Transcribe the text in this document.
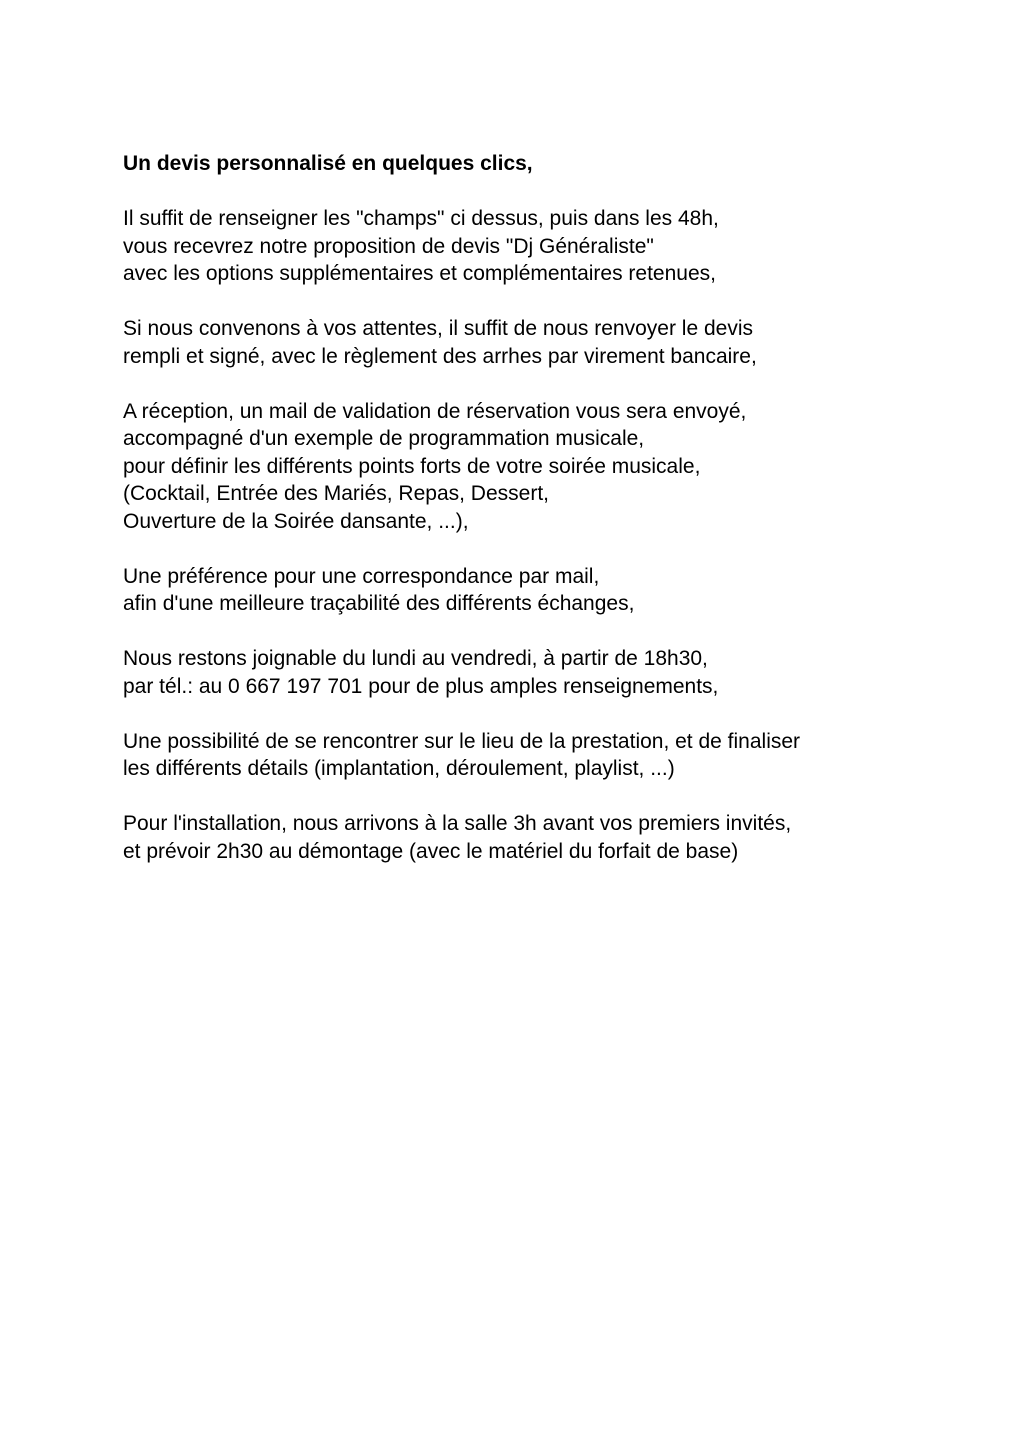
Un devis personnalisé en quelques clics,
Il suffit de renseigner les "champs" ci dessus, puis dans les 48h,
vous recevrez notre proposition de devis "Dj Généraliste"
avec les options supplémentaires et complémentaires retenues,
Si nous convenons à vos attentes, il suffit de nous renvoyer le devis
rempli et signé, avec le règlement des arrhes par virement bancaire,
A réception, un mail de validation de réservation vous sera envoyé,
accompagné d'un exemple de programmation musicale,
pour définir les différents points forts de votre soirée musicale,
(Cocktail, Entrée des Mariés, Repas, Dessert,
Ouverture de la Soirée dansante, ...),
Une préférence pour une correspondance par mail,
afin d'une meilleure traçabilité des différents échanges,
Nous restons joignable du lundi au vendredi, à partir de 18h30,
par tél.: au 0 667 197 701 pour de plus amples renseignements,
Une possibilité de se rencontrer sur le lieu de la prestation, et de finaliser
les différents détails (implantation, déroulement, playlist, ...)
Pour l'installation, nous arrivons à la salle 3h avant vos premiers invités,
et prévoir 2h30 au démontage (avec le matériel du forfait de base)
